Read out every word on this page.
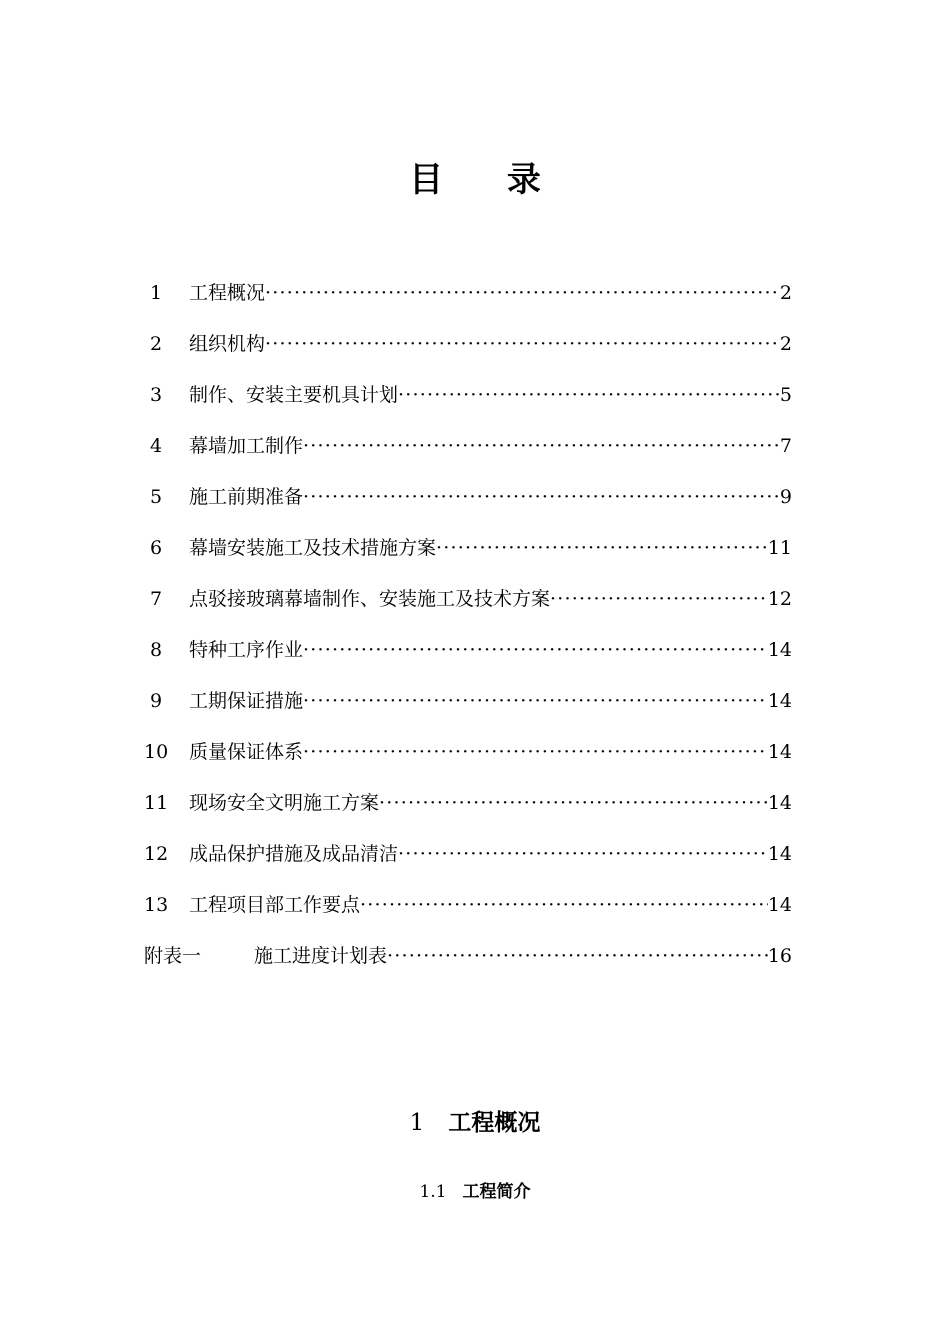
目 录
1	工程概况 ·····	2
2	组织机构 ·····	2
3	制作、安装主要机具计划 ·····	5
4	幕墙加工制作 ·····	7
5	施工前期准备 ·····	9
6	幕墙安装施工及技术措施方案 ·····	11
7	点驳接玻璃幕墙制作、安装施工及技术方案 ·····	12
8	特种工序作业 ·····	14
9	工期保证措施 ·····	14
10	质量保证体系 ·····	14
11	现场安全文明施工方案 ·····	14
12	成品保护措施及成品清洁 ·····	14
13	工程项目部工作要点 ·····	14
附表一	施工进度计划表 ·····	16
1 工程概况
1.1 工程简介
